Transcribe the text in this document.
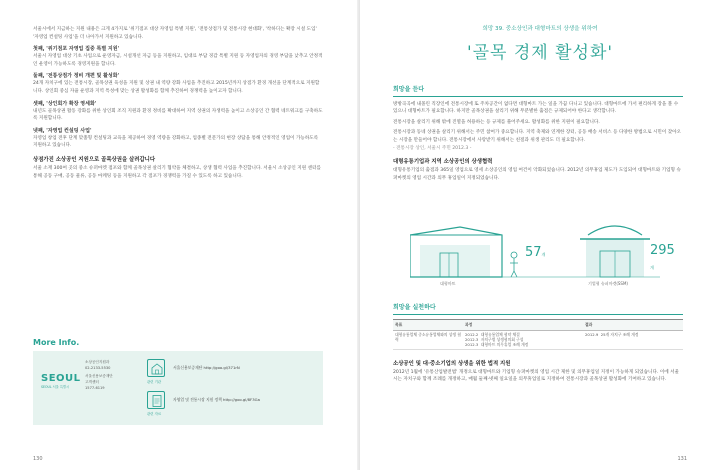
서울시에서 지금하는 지원 내용은 크게 4가지로 '위기점포 대상 자영업 특별 지원', '전통상점가 및 전통시장 현대화', '착하디는 확장 시설 도입' '자영업 컨설팅 사업'을 더 나아가서 지원하고 있습니다.

첫째, '위기점포 자영업 집중 특별 지원'

서울시 자영업 대상 기초 사업으로 운영자금, 시설개선 자금 등을 지원하고, 임대료 부담 경감 특별 지원 등 자영업자의 경영 부담을 낮추고 안정적인 운영이 가능하도록 경영지원을 합니다.

둘째, '전통상점가 정비 개편 및 활성화'

24개 자치구에 있는 전통시장, 골목상권 육성을 지원 및 상권 내 역량 강화 사업을 추진하고 2015년까지 상점가 환경 개선을 단계적으로 지원합니다. 상인회 중심 자율 운영과 지역 특성에 맞는 상권 활성화를 함께 추진하여 경쟁력을 높이고자 합니다.

셋째, '상인회가 확장 영세화'

내년도 골목상권 활동 강화를 위한 상인회 조직 지원과 환경 정비를 확대하여 지역 상권의 자생력을 높이고 소상공인 간 협력 네트워크를 구축하도록 지원합니다.

넷째, '자영업 컨설팅 사업'

자영업 창업 전후 단계 맞춤형 컨설팅과 교육을 제공하여 경영 역량을 강화하고, 업종별 전문가의 현장 상담을 통해 안정적인 영업이 가능하도록 지원하고 있습니다.

상점가진 소상공인 지원으로 골목상권을 살려갑니다

서울 소재 300여 곳의 중소 슈퍼마켓 점포와 함께 골목상권 살리기 협약을 체결하고, 상생 협력 사업을 추진합니다. 서울시 소상공인 지원 센터를 통해 공동 구매, 공동 물류, 공동 마케팅 등을 지원하고 각 점포가 경쟁력을 가질 수 있도록 하고 있습니다.

More Info.
SEOUL
SEOUL 서울 특별시
소상공인지원과
02-2133-5530
서울신용보증재단
고객센터
1577-6119
관련 기관
서울신용보증재단 http://goo.gl/371rN
관련 자료
자영업 및 전통시장 지원 정책 http://goo.gl/8F3Ga
130
희망 39. 중소상인과 대형마트의 상생을 위하여
'골목 경제 활성화'
희망을 듣다

방방곡곡에 내몰린 직장인에 전통시장에 또 주차공간이 없다면 대형마트 가는 일을 가끔 다니고 있습니다. 대형마트에 가서 편리하게 장을 볼 수 있으니 대형마트가 필요합니다. 하지만 골목상권을 살리기 위해 무분별한 출점은 규제되어야 한다고 생각합니다.

전통시장을 살리기 위해 밖에 진열을 허용하는 등 규제를 풀어주세요. 활성화를 위한 지원이 필요합니다.

전통시장과 동네 상권을 살리기 위해서는 주민 참여가 중요합니다. 지역 축제와 연계한 장터, 공동 배송 서비스 등 다양한 방법으로 시민이 찾아오는 시장을 만들어야 합니다. 전통시장에서 사랑받기 위해서는 친절과 위생 관리도 더 필요합니다.

- 전통시장 상인, 서울시 주민 2012.3 -

대형유통기업과 지역 소상공인의 상생협력

대형유통기업의 출점과 365일 영업으로 영세 소상공인의 영업 여건이 악화되었습니다. 2012년 의무휴업 제도가 도입되어 대형마트와 기업형 슈퍼마켓의 영업 시간과 의무 휴업일이 지정되었습니다.

57개	295개
대형마트	기업형 슈퍼마켓(SSM)
희망을 실천하다
목표	과정	결과
대형유통업체 중소유통업체와의 상생 협력	2012.2 대형유통업체 협약 체결
2012.3 자치구별 상생협의회 구성
2012.3 대형마트 의무휴업 조례 개정	2012.9 25개 자치구 조례 개정

소상공인 및 대·중소기업의 상생을 위한 법적 지원

2012년 1월에 '유통산업발전법' 개정으로 대형마트와 기업형 슈퍼마켓의 영업 시간 제한 및 의무휴업일 지정이 가능하게 되었습니다. 이에 서울시는 자치구와 함께 조례를 개정하고, 매월 둘째·넷째 일요일을 의무휴업일로 지정하여 전통시장과 골목상권 활성화에 기여하고 있습니다.

131
